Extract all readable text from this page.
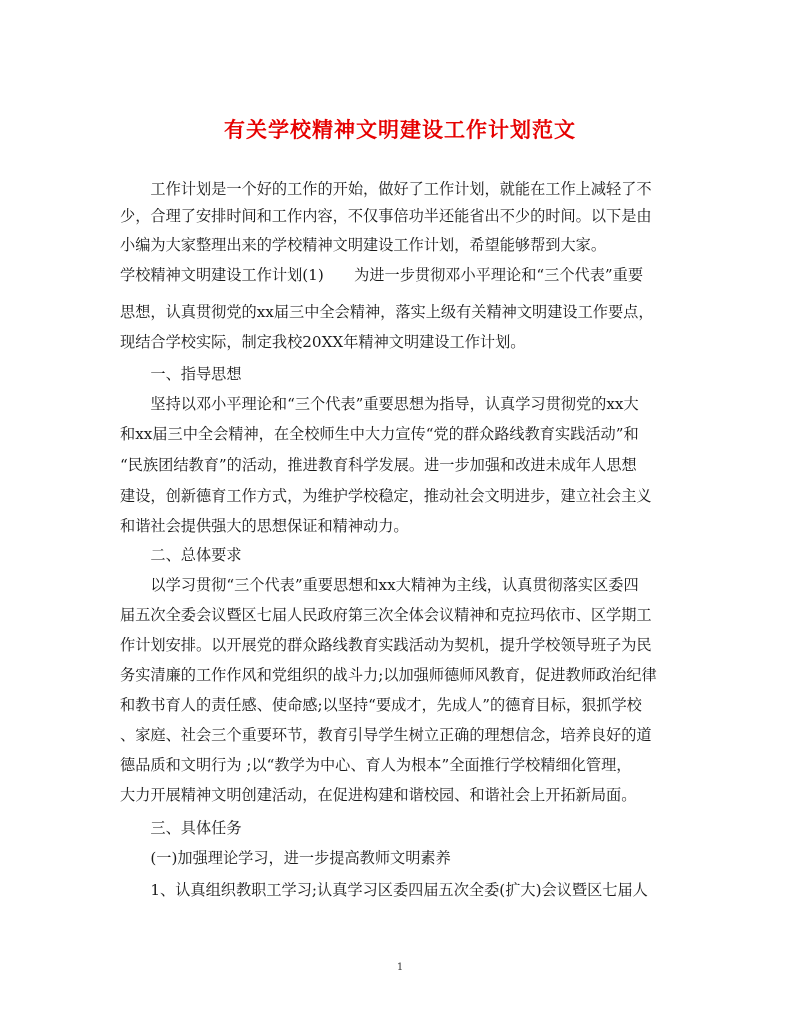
有关学校精神文明建设工作计划范文
　　工作计划是一个好的工作的开始，做好了工作计划，就能在工作上减轻了不
少，合理了安排时间和工作内容，不仅事倍功半还能省出不少的时间。以下是由
小编为大家整理出来的学校精神文明建设工作计划，希望能够帮到大家。
学校精神文明建设工作计划(1)　　为进一步贯彻邓小平理论和“三个代表”重要
思想，认真贯彻党的xx届三中全会精神，落实上级有关精神文明建设工作要点，
现结合学校实际，制定我校20XX年精神文明建设工作计划。
　　一、指导思想
　　坚持以邓小平理论和“三个代表”重要思想为指导，认真学习贯彻党的xx大
和xx届三中全会精神，在全校师生中大力宣传“党的群众路线教育实践活动”和
“民族团结教育”的活动，推进教育科学发展。进一步加强和改进未成年人思想
建设，创新德育工作方式，为维护学校稳定，推动社会文明进步，建立社会主义
和谐社会提供强大的思想保证和精神动力。
　　二、总体要求
　　以学习贯彻“三个代表”重要思想和xx大精神为主线，认真贯彻落实区委四
届五次全委会议暨区七届人民政府第三次全体会议精神和克拉玛依市、区学期工
作计划安排。以开展党的群众路线教育实践活动为契机，提升学校领导班子为民
务实清廉的工作作风和党组织的战斗力;以加强师德师风教育，促进教师政治纪律
和教书育人的责任感、使命感;以坚持“要成才，先成人”的德育目标，狠抓学校
、家庭、社会三个重要环节，教育引导学生树立正确的理想信念，培养良好的道
德品质和文明行为 ;以“教学为中心、育人为根本”全面推行学校精细化管理，
大力开展精神文明创建活动，在促进构建和谐校园、和谐社会上开拓新局面。
　　三、具体任务
　　(一)加强理论学习，进一步提高教师文明素养
　　1、认真组织教职工学习;认真学习区委四届五次全委(扩大)会议暨区七届人
1
